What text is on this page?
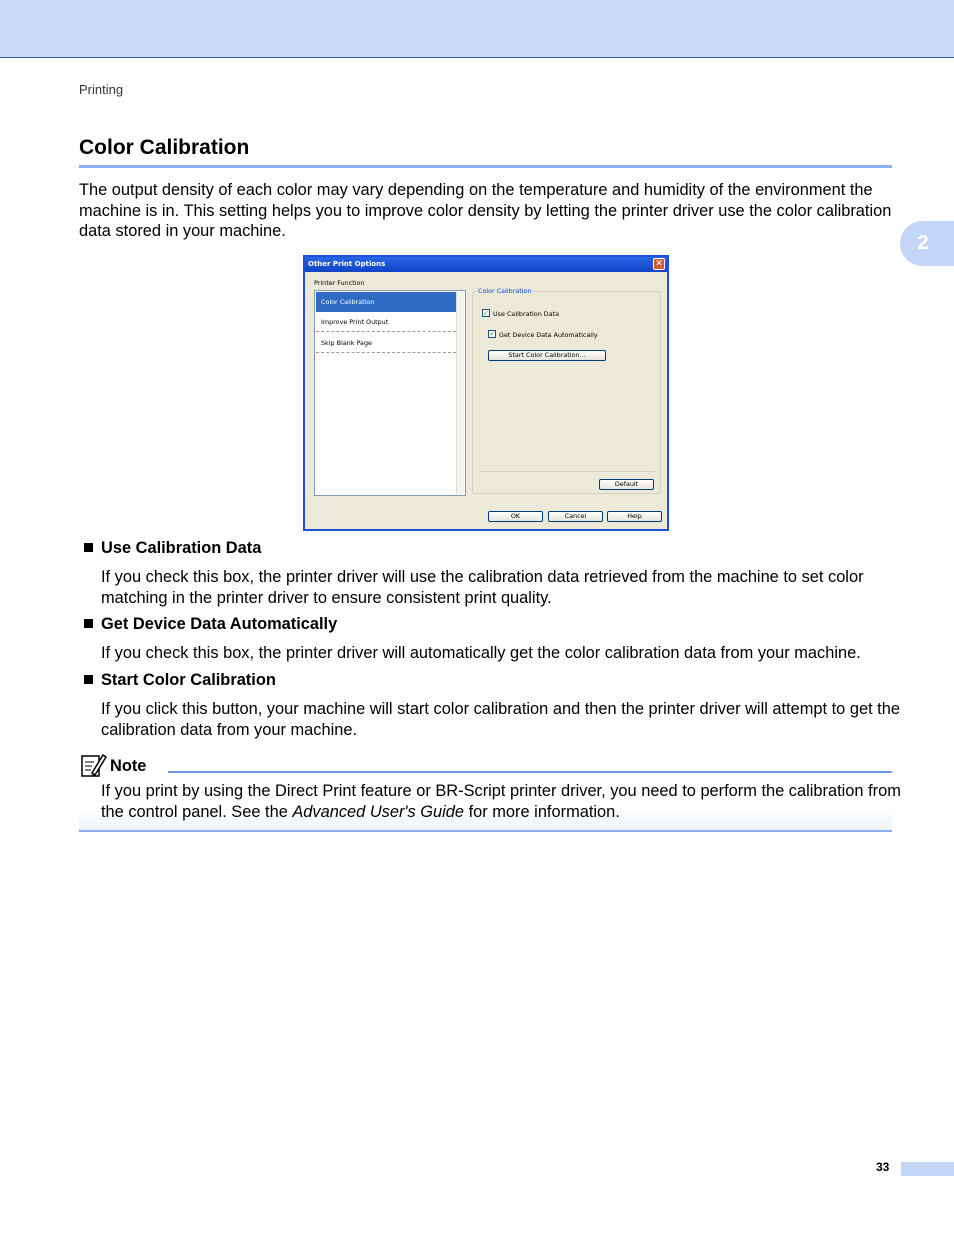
Printing
2
Color Calibration
The output density of each color may vary depending on the temperature and humidity of the environment the machine is in. This setting helps you to improve color density by letting the printer driver use the color calibration data stored in your machine.
Other Print Options	✕
Printer Function
Color Calibration
Improve Print Output
Skip Blank Page
Color Calibration
✓ Use Calibration Data
✓ Get Device Data Automatically
Start Color Calibration...
Default
OK	Cancel	Help
Use Calibration Data
If you check this box, the printer driver will use the calibration data retrieved from the machine to set color matching in the printer driver to ensure consistent print quality.
Get Device Data Automatically
If you check this box, the printer driver will automatically get the color calibration data from your machine.
Start Color Calibration
If you click this button, your machine will start color calibration and then the printer driver will attempt to get the calibration data from your machine.
Note
If you print by using the Direct Print feature or BR-Script printer driver, you need to perform the calibration from the control panel. See the Advanced User's Guide for more information.
33
